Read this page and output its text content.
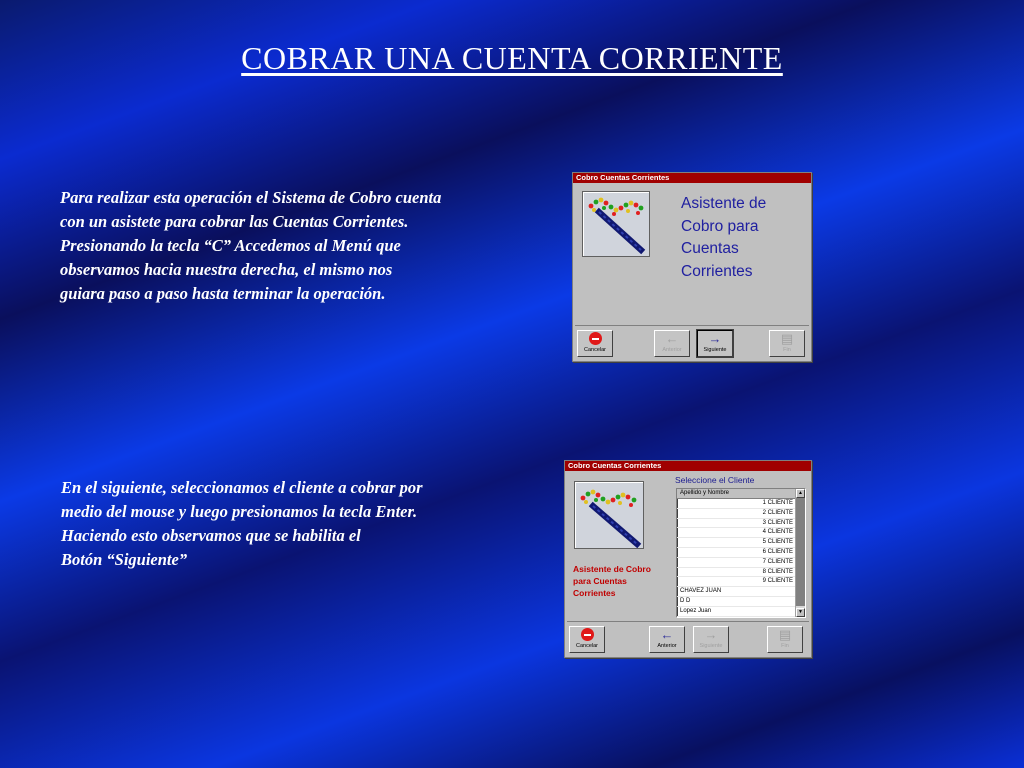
COBRAR UNA CUENTA CORRIENTE
Para realizar esta operación el Sistema de Cobro cuenta
con un asistete para cobrar las Cuentas Corrientes.
Presionando la tecla “C” Accedemos al Menú que
observamos hacia nuestra derecha, el mismo nos
guiara paso a paso hasta terminar la operación.
En el siguiente, seleccionamos el cliente a cobrar por
medio del mouse y luego presionamos la tecla Enter.
Haciendo esto observamos que se habilita el
Botón “Siguiente”
Cobro Cuentas Corrientes
Asistente de
Cobro para
Cuentas
Corrientes
Cancelar
←
Anterior
→
Siguiente
▤
Fin
Cobro Cuentas Corrientes
Asistente de Cobro
para Cuentas
Corrientes
Seleccione el Cliente
Apellido y Nombre
1 CLIENTE
2 CLIENTE
3 CLIENTE
4 CLIENTE
5 CLIENTE
6 CLIENTE
7 CLIENTE
8 CLIENTE
9 CLIENTE
CHAVEZ JUAN
D D
Lopez Juan
▲
▼
Cancelar
←
Anterior
→
Siguiente
▤
Fin
